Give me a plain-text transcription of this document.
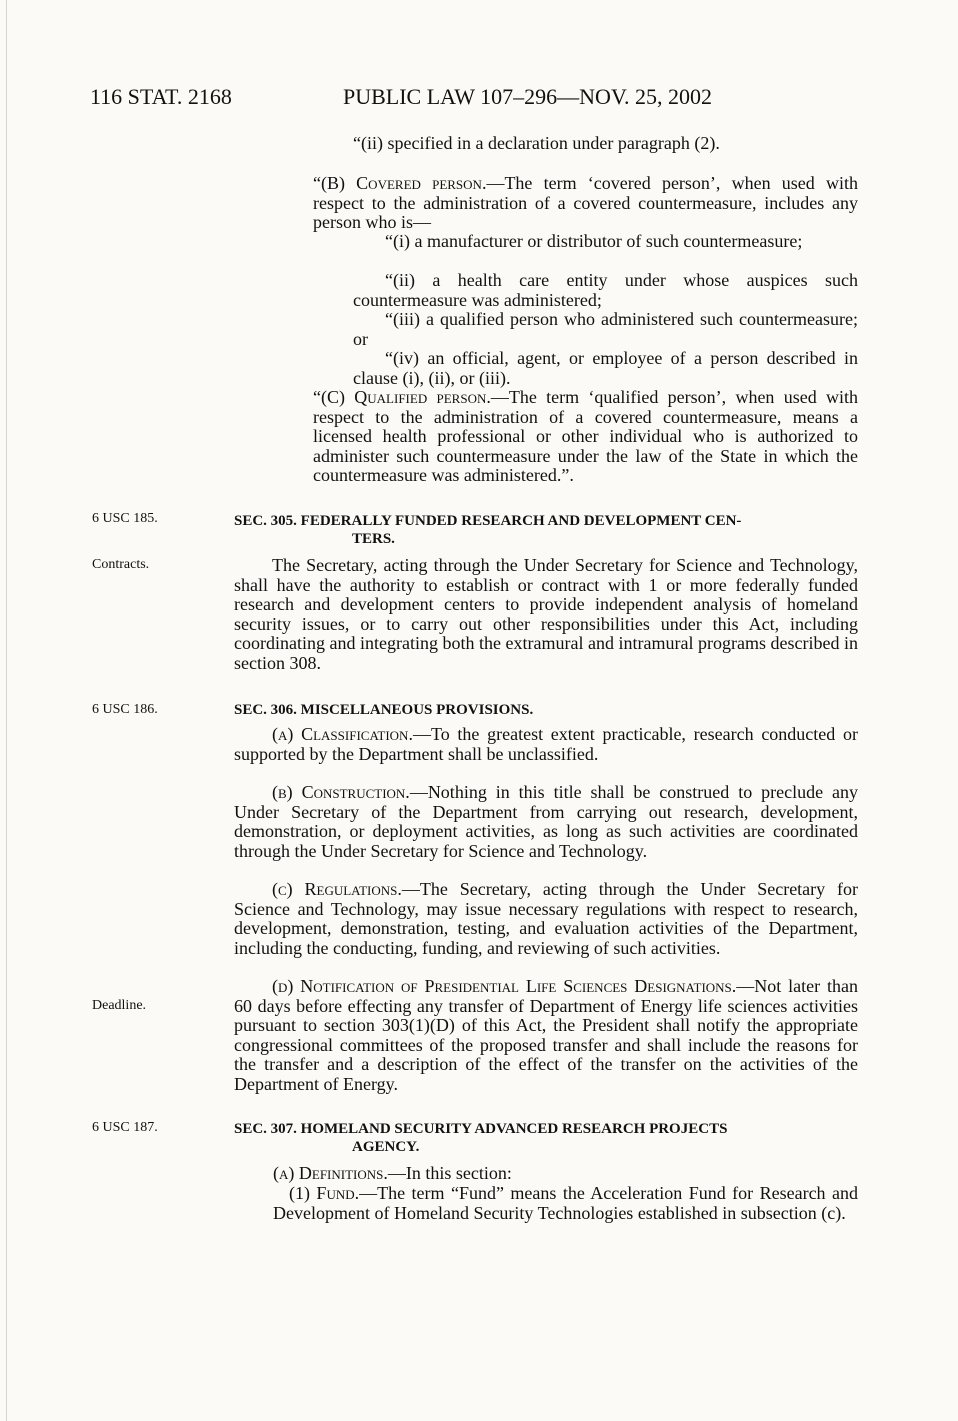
116 STAT. 2168	PUBLIC LAW 107–296—NOV. 25, 2002
6 USC 185.
Contracts.
6 USC 186.
Deadline.
6 USC 187.

“(ii) specified in a declaration under paragraph (2).

“(B) Covered person.—The term ‘covered person’, when used with respect to the administration of a covered countermeasure, includes any person who is—

“(i) a manufacturer or distributor of such countermeasure;

“(ii) a health care entity under whose auspices such countermeasure was administered;

“(iii) a qualified person who administered such countermeasure; or

“(iv) an official, agent, or employee of a person described in clause (i), (ii), or (iii).

“(C) Qualified person.—The term ‘qualified person’, when used with respect to the administration of a covered countermeasure, means a licensed health professional or other individual who is authorized to administer such countermeasure under the law of the State in which the countermeasure was administered.”.

SEC. 305. FEDERALLY FUNDED RESEARCH AND DEVELOPMENT CEN-

TERS.

The Secretary, acting through the Under Secretary for Science and Technology, shall have the authority to establish or contract with 1 or more federally funded research and development centers to provide independent analysis of homeland security issues, or to carry out other responsibilities under this Act, including coordinating and integrating both the extramural and intramural programs described in section 308.

SEC. 306. MISCELLANEOUS PROVISIONS.

(a) Classification.—To the greatest extent practicable, research conducted or supported by the Department shall be unclassified.

(b) Construction.—Nothing in this title shall be construed to preclude any Under Secretary of the Department from carrying out research, development, demonstration, or deployment activities, as long as such activities are coordinated through the Under Secretary for Science and Technology.

(c) Regulations.—The Secretary, acting through the Under Secretary for Science and Technology, may issue necessary regulations with respect to research, development, demonstration, testing, and evaluation activities of the Department, including the conducting, funding, and reviewing of such activities.

(d) Notification of Presidential Life Sciences Designations.—Not later than 60 days before effecting any transfer of Department of Energy life sciences activities pursuant to section 303(1)(D) of this Act, the President shall notify the appropriate congressional committees of the proposed transfer and shall include the reasons for the transfer and a description of the effect of the transfer on the activities of the Department of Energy.

SEC. 307. HOMELAND SECURITY ADVANCED RESEARCH PROJECTS

AGENCY.

(a) Definitions.—In this section:

(1) Fund.—The term “Fund” means the Acceleration Fund for Research and Development of Homeland Security Technologies established in subsection (c).
